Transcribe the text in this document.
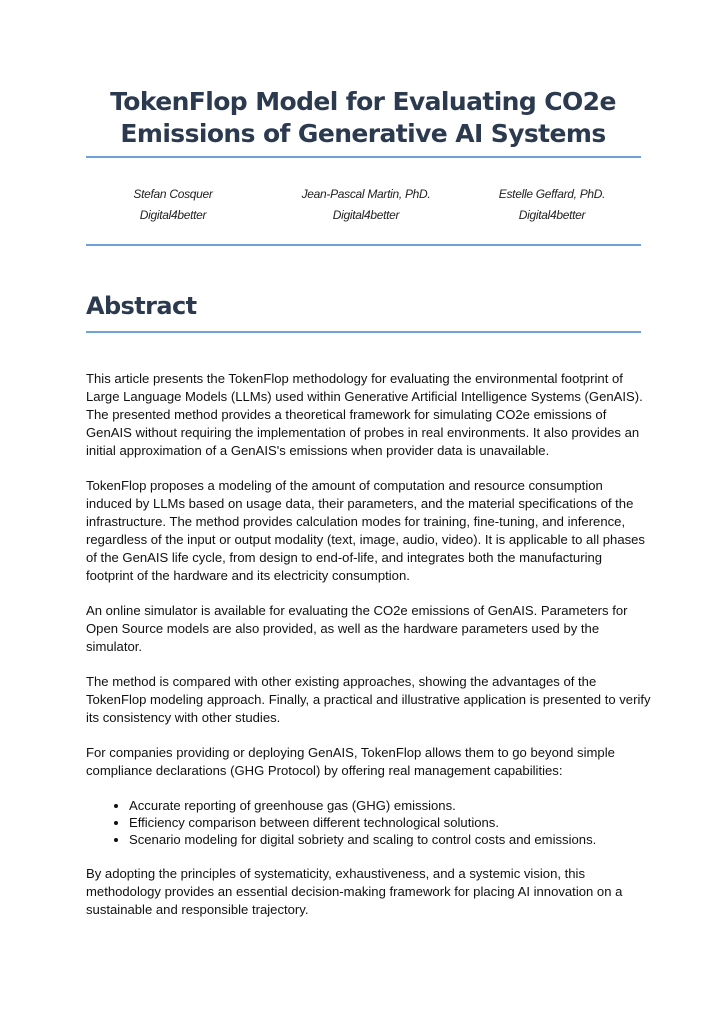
TokenFlop Model for Evaluating CO2e
Emissions of Generative AI Systems
Stefan Cosquer
Digital4better
Jean-Pascal Martin, PhD.
Digital4better
Estelle Geffard, PhD.
Digital4better
Abstract

This article presents the TokenFlop methodology for evaluating the environmental footprint of Large Language Models (LLMs) used within Generative Artificial Intelligence Systems (GenAIS). The presented method provides a theoretical framework for simulating CO2e emissions of GenAIS without requiring the implementation of probes in real environments. It also provides an initial approximation of a GenAIS's emissions when provider data is unavailable.

TokenFlop proposes a modeling of the amount of computation and resource consumption induced by LLMs based on usage data, their parameters, and the material specifications of the infrastructure. The method provides calculation modes for training, fine-tuning, and inference, regardless of the input or output modality (text, image, audio, video). It is applicable to all phases of the GenAIS life cycle, from design to end-of-life, and integrates both the manufacturing footprint of the hardware and its electricity consumption.

An online simulator is available for evaluating the CO2e emissions of GenAIS. Parameters for Open Source models are also provided, as well as the hardware parameters used by the simulator.

The method is compared with other existing approaches, showing the advantages of the TokenFlop modeling approach. Finally, a practical and illustrative application is presented to verify its consistency with other studies.

For companies providing or deploying GenAIS, TokenFlop allows them to go beyond simple compliance declarations (GHG Protocol) by offering real management capabilities:

• Accurate reporting of greenhouse gas (GHG) emissions.
• Efficiency comparison between different technological solutions.
• Scenario modeling for digital sobriety and scaling to control costs and emissions.

By adopting the principles of systematicity, exhaustiveness, and a systemic vision, this methodology provides an essential decision-making framework for placing AI innovation on a sustainable and responsible trajectory.
